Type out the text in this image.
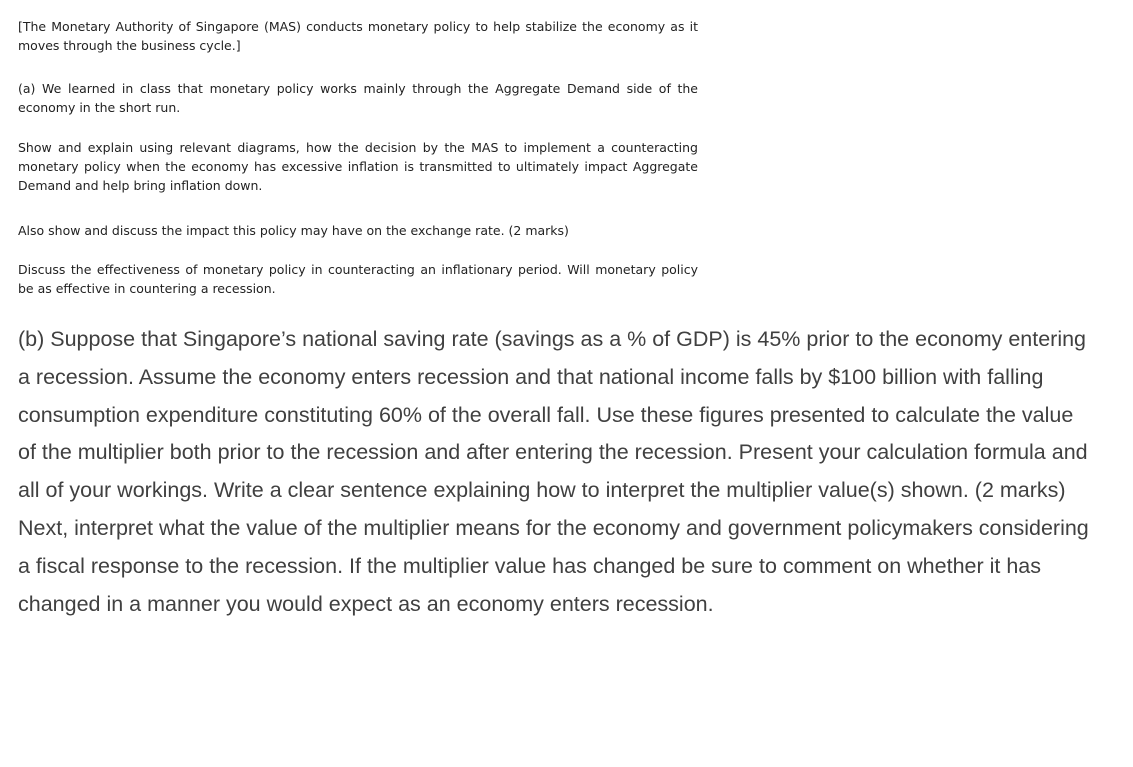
[The Monetary Authority of Singapore (MAS) conducts monetary policy to help stabilize the economy as it moves through the business cycle.]

(a) We learned in class that monetary policy works mainly through the Aggregate Demand side of the economy in the short run.

Show and explain using relevant diagrams, how the decision by the MAS to implement a counteracting monetary policy when the economy has excessive inflation is transmitted to ultimately impact Aggregate Demand and help bring inflation down.

Also show and discuss the impact this policy may have on the exchange rate. (2 marks)

Discuss the effectiveness of monetary policy in counteracting an inflationary period. Will monetary policy be as effective in countering a recession.

(b) Suppose that Singapore’s national saving rate (savings as a % of GDP) is 45% prior to the economy entering a recession. Assume the economy enters recession and that national income falls by $100 billion with falling consumption expenditure constituting 60% of the overall fall. Use these figures presented to calculate the value of the multiplier both prior to the recession and after entering the recession. Present your calculation formula and all of your workings. Write a clear sentence explaining how to interpret the multiplier value(s) shown. (2 marks) Next, interpret what the value of the multiplier means for the economy and government policymakers considering a fiscal response to the recession. If the multiplier value has changed be sure to comment on whether it has changed in a manner you would expect as an economy enters recession.
